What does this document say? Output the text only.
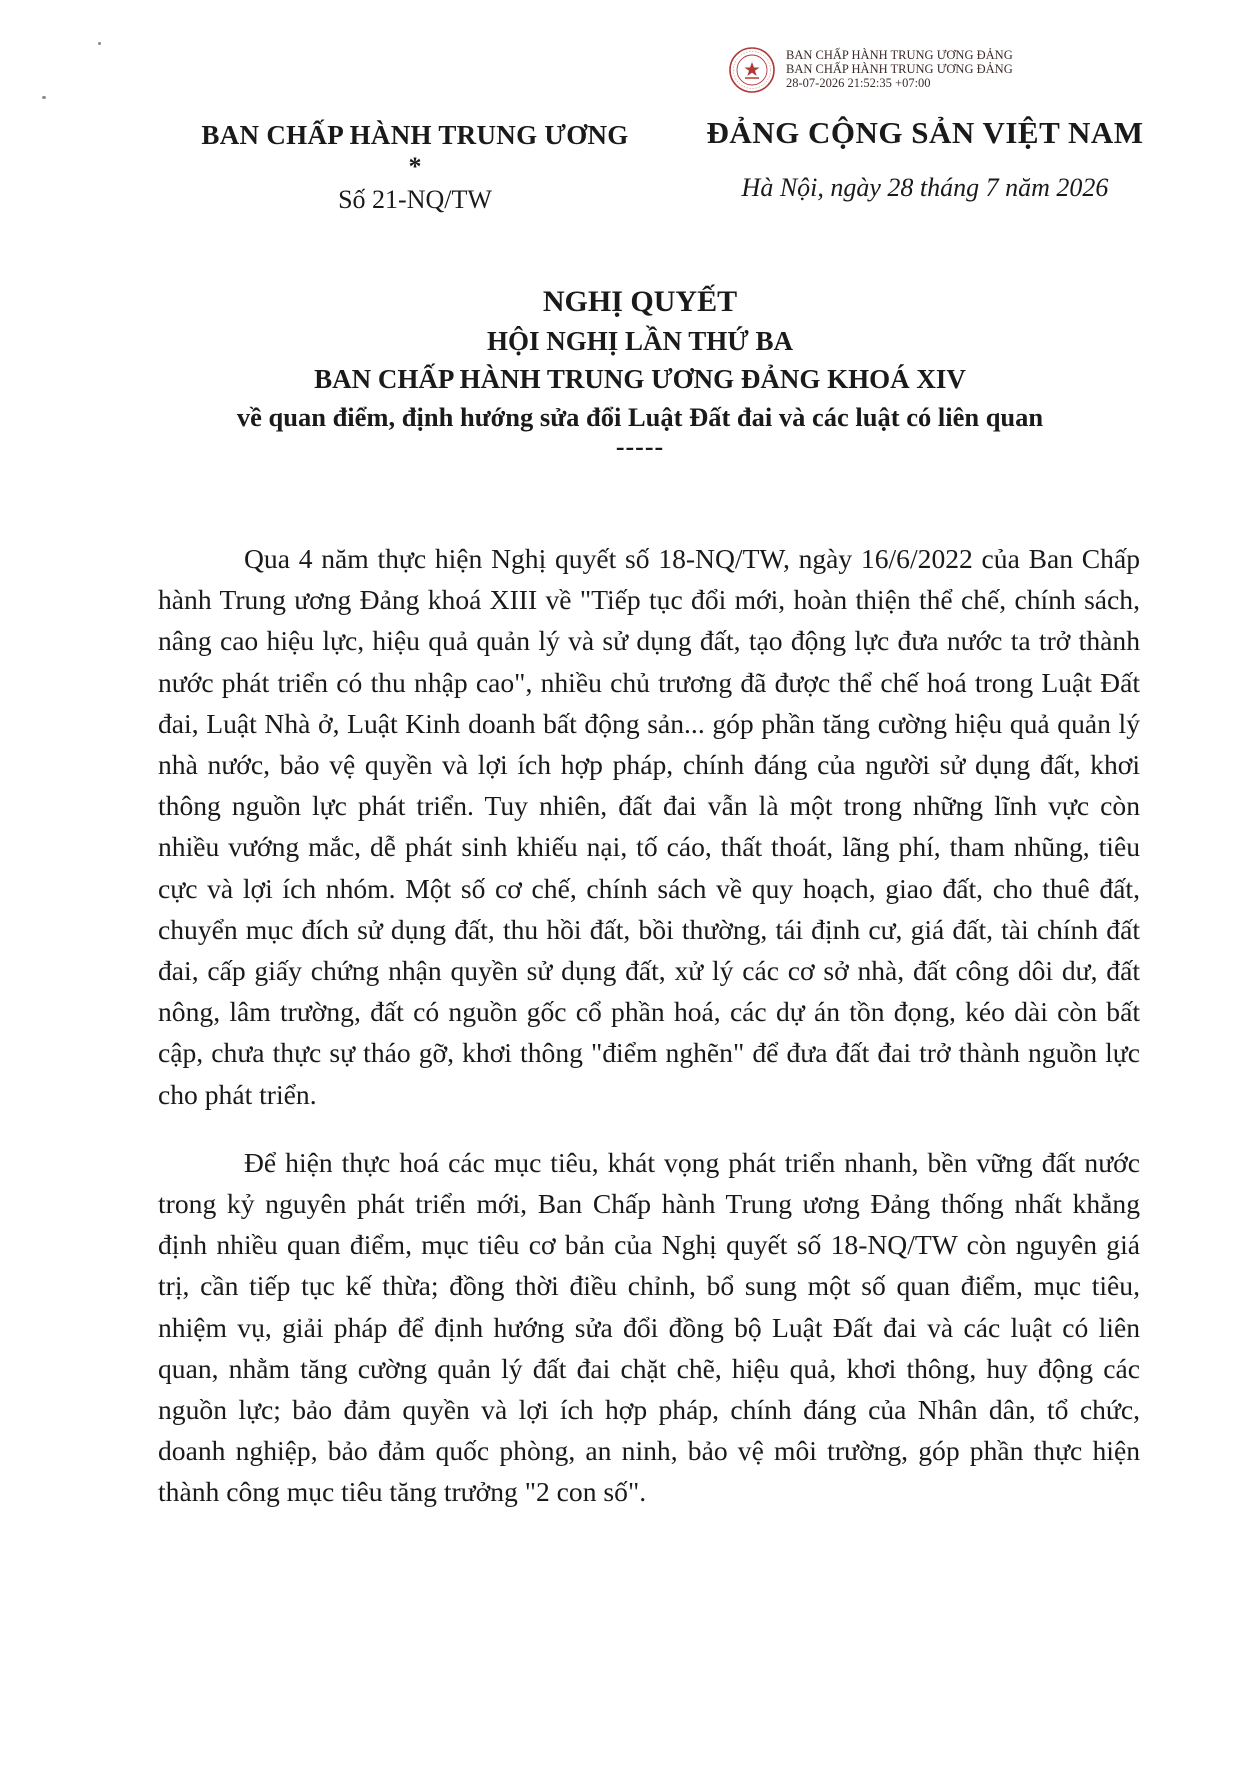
BAN CHẤP HÀNH TRUNG ƯƠNG ĐẢNG
BAN CHẤP HÀNH TRUNG ƯƠNG ĐẢNG
28-07-2026 21:52:35 +07:00
BAN CHẤP HÀNH TRUNG ƯƠNG
*
Số 21-NQ/TW
ĐẢNG CỘNG SẢN VIỆT NAM
Hà Nội, ngày 28 tháng 7 năm 2026
NGHỊ QUYẾT
HỘI NGHỊ LẦN THỨ BA
BAN CHẤP HÀNH TRUNG ƯƠNG ĐẢNG KHOÁ XIV
về quan điểm, định hướng sửa đổi Luật Đất đai và các luật có liên quan
-----

Qua 4 năm thực hiện Nghị quyết số 18-NQ/TW, ngày 16/6/2022 của Ban Chấp hành Trung ương Đảng khoá XIII về "Tiếp tục đổi mới, hoàn thiện thể chế, chính sách, nâng cao hiệu lực, hiệu quả quản lý và sử dụng đất, tạo động lực đưa nước ta trở thành nước phát triển có thu nhập cao", nhiều chủ trương đã được thể chế hoá trong Luật Đất đai, Luật Nhà ở, Luật Kinh doanh bất động sản... góp phần tăng cường hiệu quả quản lý nhà nước, bảo vệ quyền và lợi ích hợp pháp, chính đáng của người sử dụng đất, khơi thông nguồn lực phát triển. Tuy nhiên, đất đai vẫn là một trong những lĩnh vực còn nhiều vướng mắc, dễ phát sinh khiếu nại, tố cáo, thất thoát, lãng phí, tham nhũng, tiêu cực và lợi ích nhóm. Một số cơ chế, chính sách về quy hoạch, giao đất, cho thuê đất, chuyển mục đích sử dụng đất, thu hồi đất, bồi thường, tái định cư, giá đất, tài chính đất đai, cấp giấy chứng nhận quyền sử dụng đất, xử lý các cơ sở nhà, đất công dôi dư, đất nông, lâm trường, đất có nguồn gốc cổ phần hoá, các dự án tồn đọng, kéo dài còn bất cập, chưa thực sự tháo gỡ, khơi thông "điểm nghẽn" để đưa đất đai trở thành nguồn lực cho phát triển.

Để hiện thực hoá các mục tiêu, khát vọng phát triển nhanh, bền vững đất nước trong kỷ nguyên phát triển mới, Ban Chấp hành Trung ương Đảng thống nhất khẳng định nhiều quan điểm, mục tiêu cơ bản của Nghị quyết số 18-NQ/TW còn nguyên giá trị, cần tiếp tục kế thừa; đồng thời điều chỉnh, bổ sung một số quan điểm, mục tiêu, nhiệm vụ, giải pháp để định hướng sửa đổi đồng bộ Luật Đất đai và các luật có liên quan, nhằm tăng cường quản lý đất đai chặt chẽ, hiệu quả, khơi thông, huy động các nguồn lực; bảo đảm quyền và lợi ích hợp pháp, chính đáng của Nhân dân, tổ chức, doanh nghiệp, bảo đảm quốc phòng, an ninh, bảo vệ môi trường, góp phần thực hiện thành công mục tiêu tăng trưởng "2 con số".
